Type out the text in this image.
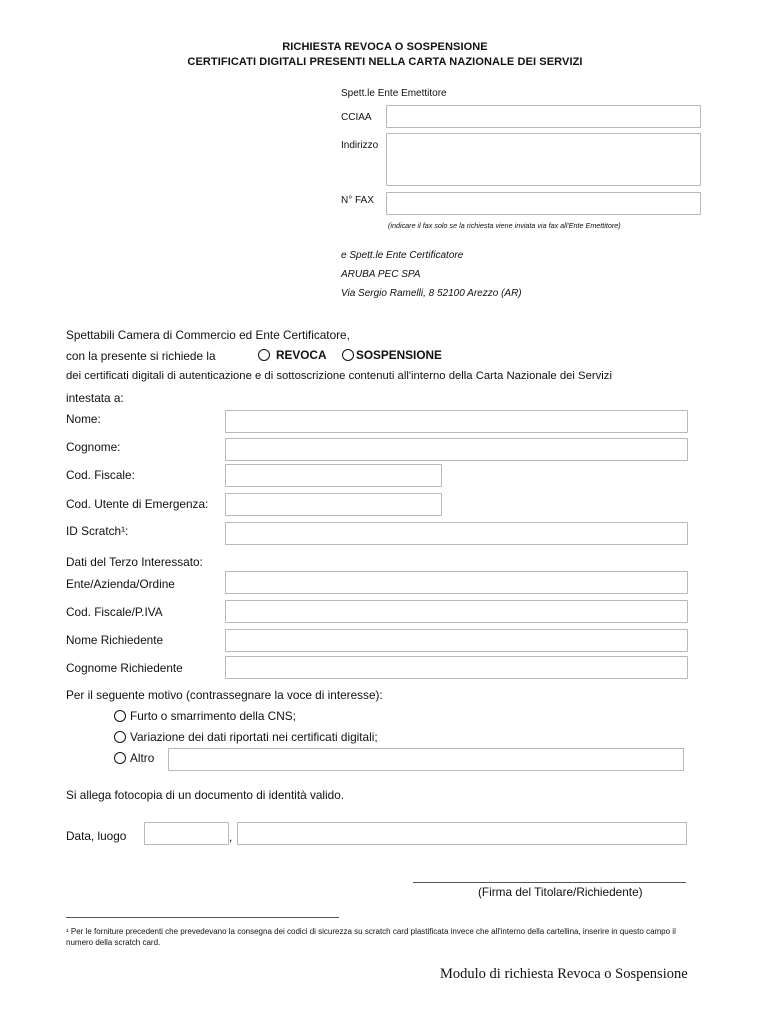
RICHIESTA REVOCA O SOSPENSIONE
CERTIFICATI DIGITALI PRESENTI NELLA CARTA NAZIONALE DEI SERVIZI
Spett.le Ente Emettitore
CCIAA
Indirizzo
N° FAX
(indicare il fax solo se la richiesta viene inviata via fax all'Ente Emettitore)
e Spett.le Ente Certificatore
ARUBA PEC SPA
Via Sergio Ramelli, 8 52100 Arezzo (AR)
Spettabili Camera di Commercio ed Ente Certificatore,
con la presente si richiede la	REVOCA	SOSPENSIONE
dei certificati digitali di autenticazione e di sottoscrizione contenuti all'interno della Carta Nazionale dei Servizi
intestata a:
Nome:
Cognome:
Cod. Fiscale:
Cod. Utente di Emergenza:
ID Scratch¹:
Dati del Terzo Interessato:
Ente/Azienda/Ordine
Cod. Fiscale/P.IVA
Nome Richiedente
Cognome Richiedente
Per il seguente motivo (contrassegnare la voce di interesse):
Furto o smarrimento della CNS;
Variazione dei dati riportati nei certificati digitali;
Altro
Si allega fotocopia di un documento di identità valido.
Data, luogo	,
(Firma del Titolare/Richiedente)
¹ Per le forniture precedenti che prevedevano la consegna dei codici di sicurezza su scratch card plastificata invece che all'interno della cartellina, inserire in questo campo il numero della scratch card.
Modulo di richiesta Revoca o Sospensione
